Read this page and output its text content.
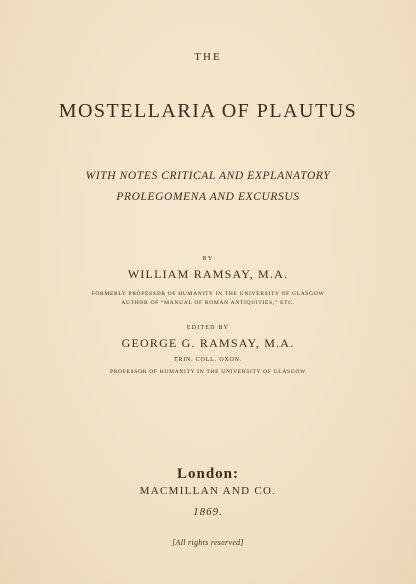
THE
MOSTELLARIA OF PLAUTUS
WITH NOTES CRITICAL AND EXPLANATORY
PROLEGOMENA AND EXCURSUS
BY
WILLIAM RAMSAY, M.A.
FORMERLY PROFESSOR OF HUMANITY IN THE UNIVERSITY OF GLASGOW
AUTHOR OF “MANUAL OF ROMAN ANTIQUITIES,” ETC.
EDITED BY
GEORGE G. RAMSAY, M.A.
TRIN. COLL. OXON.
PROFESSOR OF HUMANITY IN THE UNIVERSITY OF GLASGOW
London:
MACMILLAN AND CO.
1869.
[All rights reserved]
